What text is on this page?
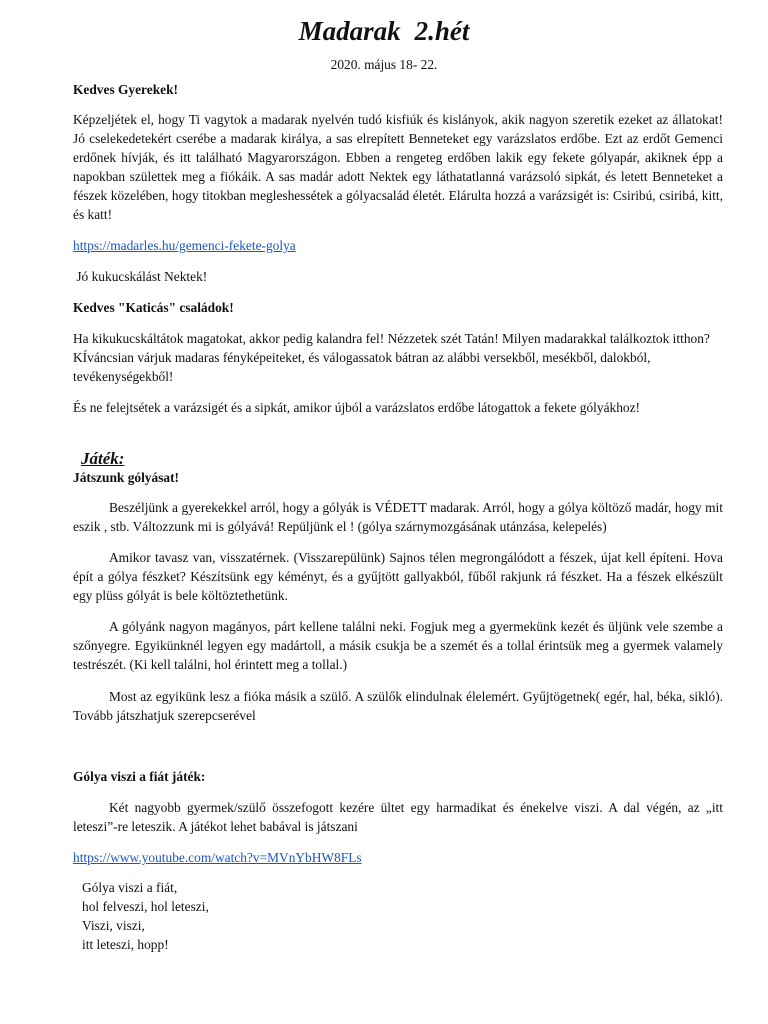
Madarak 2.hét
2020. május 18- 22.

Kedves Gyerekek!

Képzeljétek el, hogy Ti vagytok a madarak nyelvén tudó kisfiúk és kislányok, akik nagyon szeretik ezeket az állatokat! Jó cselekedetekért cserébe a madarak királya, a sas elrepített Benneteket egy varázslatos erdőbe. Ezt az erdőt Gemenci erdőnek hívják, és itt található Magyarországon. Ebben a rengeteg erdőben lakik egy fekete gólyapár, akiknek épp a napokban születtek meg a fiókáik. A sas madár adott Nektek egy láthatatlanná varázsoló sipkát, és letett Benneteket a fészek közelében, hogy titokban megleshessétek a gólyacsalád életét. Elárulta hozzá a varázsigét is: Csiribú, csiribá, kitt, és katt!

https://madarles.hu/gemenci-fekete-golya

Jó kukucskálást Nektek!

Kedves "Katicás" családok!

Ha kikukucskáltátok magatokat, akkor pedig kalandra fel! Nézzetek szét Tatán! Milyen madarakkal találkoztok itthon? KÍváncsian várjuk madaras fényképeiteket, és válogassatok bátran az alábbi versekből, mesékből, dalokból, tevékenységekből!

És ne felejtsétek a varázsigét és a sipkát, amikor újból a varázslatos erdőbe látogattok a fekete gólyákhoz!

Játék:

Játszunk gólyásat!

Beszéljünk a gyerekekkel arról, hogy a gólyák is VÉDETT madarak. Arról, hogy a gólya költöző madár, hogy mit eszik , stb. Változzunk mi is gólyává! Repüljünk el ! (gólya szárnymozgásának utánzása, kelepelés)

Amikor tavasz van, visszatérnek. (Visszarepülünk) Sajnos télen megrongálódott a fészek, újat kell építeni. Hova épít a gólya fészket? Készítsünk egy kéményt, és a gyűjtött gallyakból, fűből rakjunk rá fészket. Ha a fészek elkészült egy plüss gólyát is bele költöztethetünk.

A gólyánk nagyon magányos, párt kellene találni neki. Fogjuk meg a gyermekünk kezét és üljünk vele szembe a szőnyegre. Egyikünknél legyen egy madártoll, a másik csukja be a szemét és a tollal érintsük meg a gyermek valamely testrészét. (Ki kell találni, hol érintett meg a tollal.)

Most az egyikünk lesz a fióka másik a szülő. A szülők elindulnak élelemért. Gyűjtögetnek( egér, hal, béka, sikló). Tovább játszhatjuk szerepcserével

Gólya viszi a fiát játék:

Két nagyobb gyermek/szülő összefogott kezére ültet egy harmadikat és énekelve viszi. A dal végén, az „itt leteszi”-re leteszik. A játékot lehet babával is játszani

https://www.youtube.com/watch?v=MVnYbHW8FLs

Gólya viszi a fiát,
hol felveszi, hol leteszi,
Viszi, viszi,
itt leteszi, hopp!
